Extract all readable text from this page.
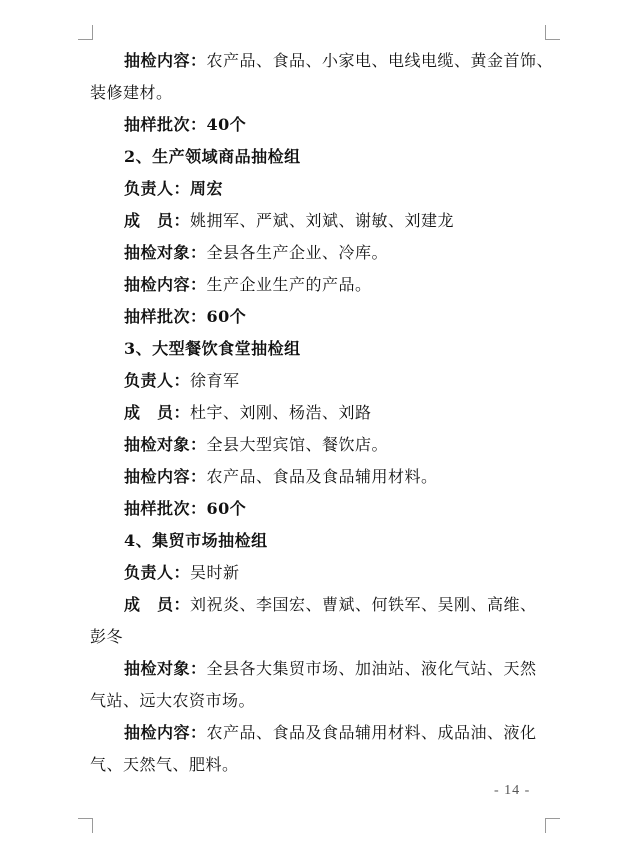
抽检内容：农产品、食品、小家电、电线电缆、黄金首饰、
装修建材。
抽样批次：40个
2、生产领域商品抽检组
负责人：周宏
成　员：姚拥军、严斌、刘斌、谢敏、刘建龙
抽检对象：全县各生产企业、冷库。
抽检内容：生产企业生产的产品。
抽样批次：60个
3、大型餐饮食堂抽检组
负责人：徐育军
成　员：杜宇、刘刚、杨浩、刘路
抽检对象：全县大型宾馆、餐饮店。
抽检内容：农产品、食品及食品辅用材料。
抽样批次：60个
4、集贸市场抽检组
负责人：吴时新
成　员：刘祝炎、李国宏、曹斌、何铁军、吴刚、高维、
彭冬
抽检对象：全县各大集贸市场、加油站、液化气站、天然
气站、远大农资市场。
抽检内容：农产品、食品及食品辅用材料、成品油、液化
气、天然气、肥料。
- 14 -
